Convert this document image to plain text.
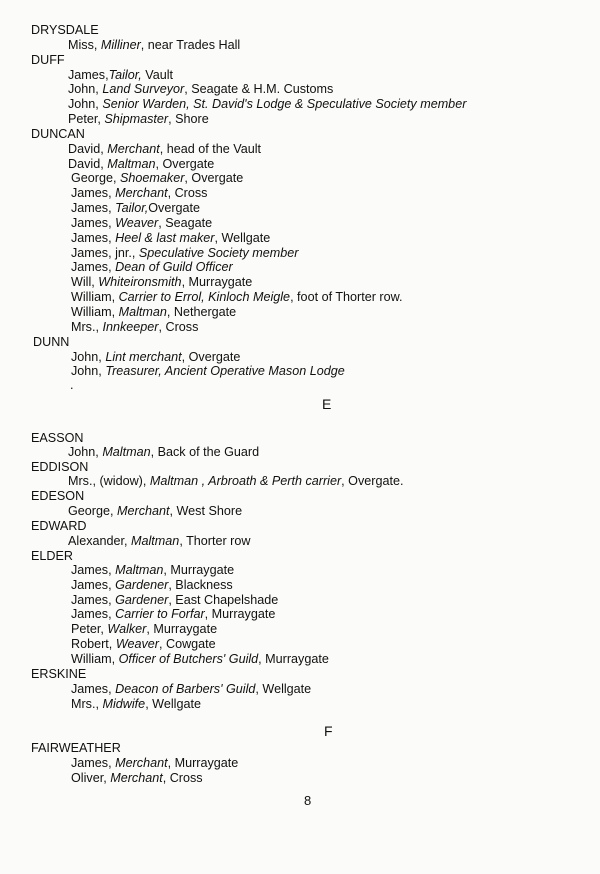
DRYSDALE
Miss, Milliner, near Trades Hall
DUFF
James,Tailor, Vault
John, Land Surveyor, Seagate & H.M. Customs
John, Senior Warden, St. David's Lodge & Speculative Society member
Peter, Shipmaster, Shore
DUNCAN
David, Merchant, head of the Vault
David, Maltman, Overgate
George, Shoemaker, Overgate
James, Merchant, Cross
James, Tailor,Overgate
James, Weaver, Seagate
James, Heel & last maker, Wellgate
James, jnr., Speculative Society member
James, Dean of Guild Officer
Will, Whiteironsmith, Murraygate
William, Carrier to Errol, Kinloch Meigle, foot of Thorter row.
William, Maltman, Nethergate
Mrs., Innkeeper, Cross
DUNN
John, Lint merchant, Overgate
John, Treasurer, Ancient Operative Mason Lodge
.
E
EASSON
John, Maltman, Back of the Guard
EDDISON
Mrs., (widow), Maltman , Arbroath & Perth carrier, Overgate.
EDESON
George, Merchant, West Shore
EDWARD
Alexander, Maltman, Thorter row
ELDER
James, Maltman, Murraygate
James, Gardener, Blackness
James, Gardener, East Chapelshade
James, Carrier to Forfar, Murraygate
Peter, Walker, Murraygate
Robert, Weaver, Cowgate
William, Officer of Butchers' Guild, Murraygate
ERSKINE
James, Deacon of Barbers' Guild, Wellgate
Mrs., Midwife, Wellgate
F
FAIRWEATHER
James, Merchant, Murraygate
Oliver, Merchant, Cross
8
